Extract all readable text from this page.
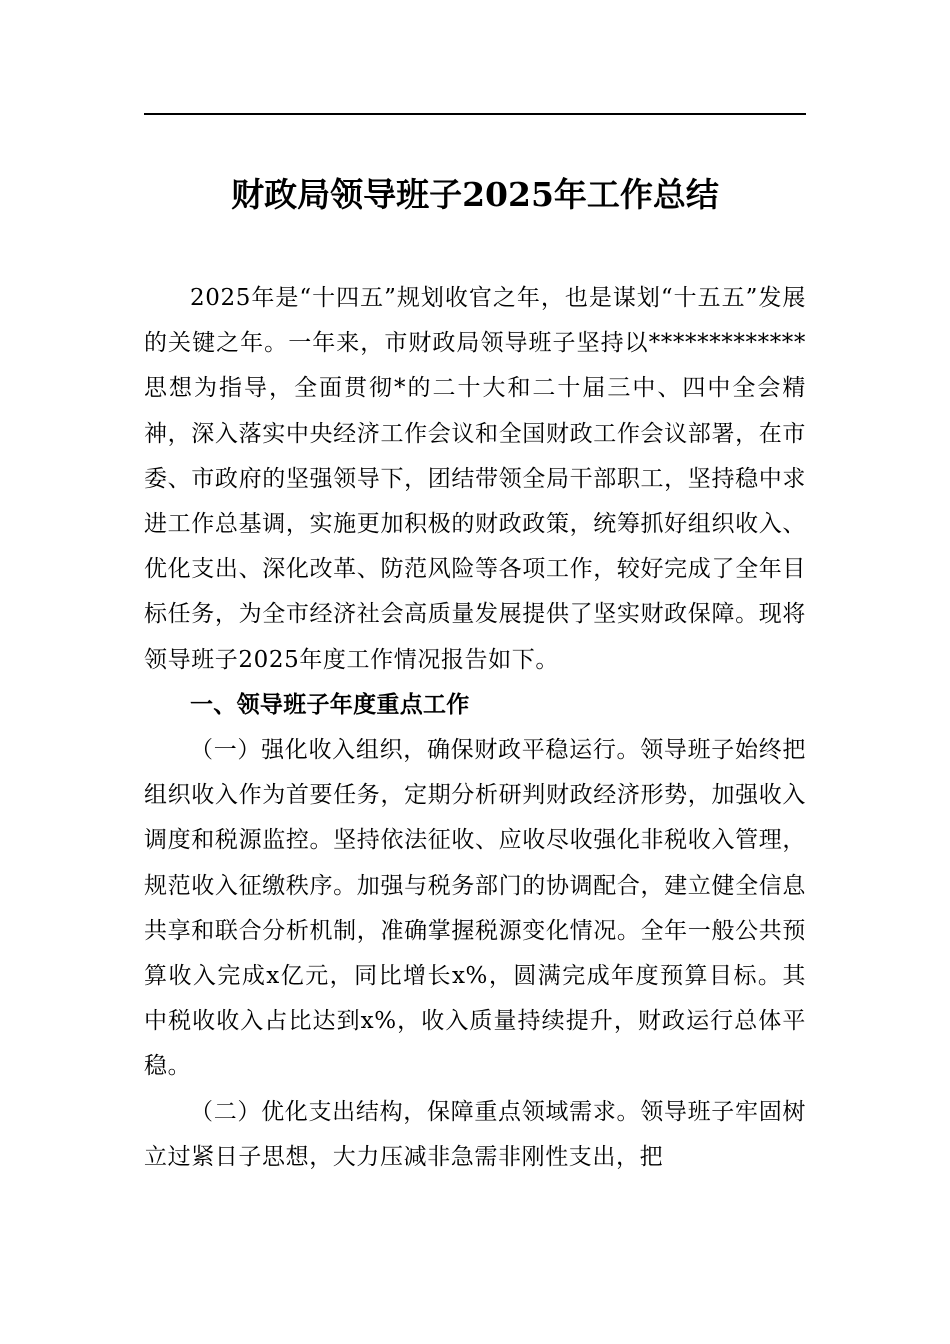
财政局领导班子2025年工作总结

2025年是“十四五”规划收官之年，也是谋划“十五五”发展的关键之年。一年来，市财政局领导班子坚持以*************思想为指导，全面贯彻*的二十大和二十届三中、四中全会精神，深入落实中央经济工作会议和全国财政工作会议部署，在市委、市政府的坚强领导下，团结带领全局干部职工，坚持稳中求进工作总基调，实施更加积极的财政政策，统筹抓好组织收入、优化支出、深化改革、防范风险等各项工作，较好完成了全年目标任务，为全市经济社会高质量发展提供了坚实财政保障。现将领导班子2025年度工作情况报告如下。

一、领导班子年度重点工作

（一）强化收入组织，确保财政平稳运行。领导班子始终把组织收入作为首要任务，定期分析研判财政经济形势，加强收入调度和税源监控。坚持依法征收、应收尽收强化非税收入管理，规范收入征缴秩序。加强与税务部门的协调配合，建立健全信息共享和联合分析机制，准确掌握税源变化情况。全年一般公共预算收入完成x亿元，同比增长x%，圆满完成年度预算目标。其中税收收入占比达到x%，收入质量持续提升，财政运行总体平稳。

（二）优化支出结构，保障重点领域需求。领导班子牢固树立过紧日子思想，大力压减非急需非刚性支出，把
